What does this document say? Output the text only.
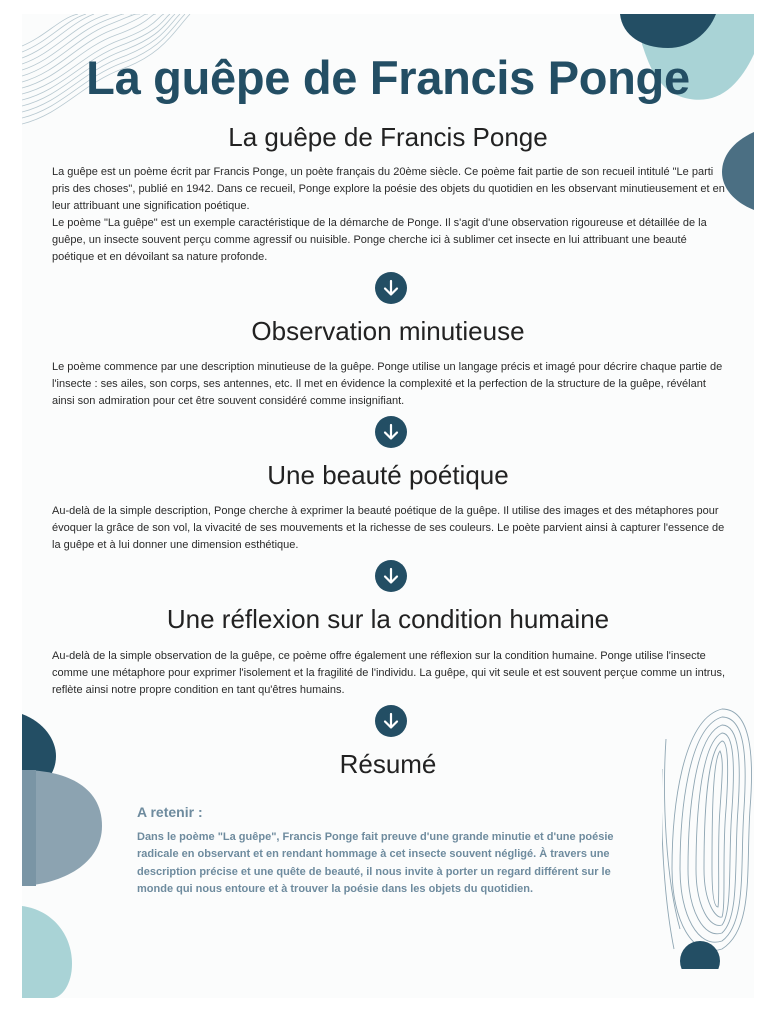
La guêpe de Francis Ponge
La guêpe de Francis Ponge

La guêpe est un poème écrit par Francis Ponge, un poète français du 20ème siècle. Ce poème fait partie de son recueil intitulé "Le parti pris des choses", publié en 1942. Dans ce recueil, Ponge explore la poésie des objets du quotidien en les observant minutieusement et en leur attribuant une signification poétique.

Le poème "La guêpe" est un exemple caractéristique de la démarche de Ponge. Il s'agit d'une observation rigoureuse et détaillée de la guêpe, un insecte souvent perçu comme agressif ou nuisible. Ponge cherche ici à sublimer cet insecte en lui attribuant une beauté poétique et en dévoilant sa nature profonde.

Observation minutieuse

Le poème commence par une description minutieuse de la guêpe. Ponge utilise un langage précis et imagé pour décrire chaque partie de l'insecte : ses ailes, son corps, ses antennes, etc. Il met en évidence la complexité et la perfection de la structure de la guêpe, révélant ainsi son admiration pour cet être souvent considéré comme insignifiant.

Une beauté poétique

Au-delà de la simple description, Ponge cherche à exprimer la beauté poétique de la guêpe. Il utilise des images et des métaphores pour évoquer la grâce de son vol, la vivacité de ses mouvements et la richesse de ses couleurs. Le poète parvient ainsi à capturer l'essence de la guêpe et à lui donner une dimension esthétique.

Une réflexion sur la condition humaine

Au-delà de la simple observation de la guêpe, ce poème offre également une réflexion sur la condition humaine. Ponge utilise l'insecte comme une métaphore pour exprimer l'isolement et la fragilité de l'individu. La guêpe, qui vit seule et est souvent perçue comme un intrus, reflète ainsi notre propre condition en tant qu'êtres humains.

Résumé
A retenir :

Dans le poème "La guêpe", Francis Ponge fait preuve d'une grande minutie et d'une poésie radicale en observant et en rendant hommage à cet insecte souvent négligé. À travers une description précise et une quête de beauté, il nous invite à porter un regard différent sur le monde qui nous entoure et à trouver la poésie dans les objets du quotidien.
